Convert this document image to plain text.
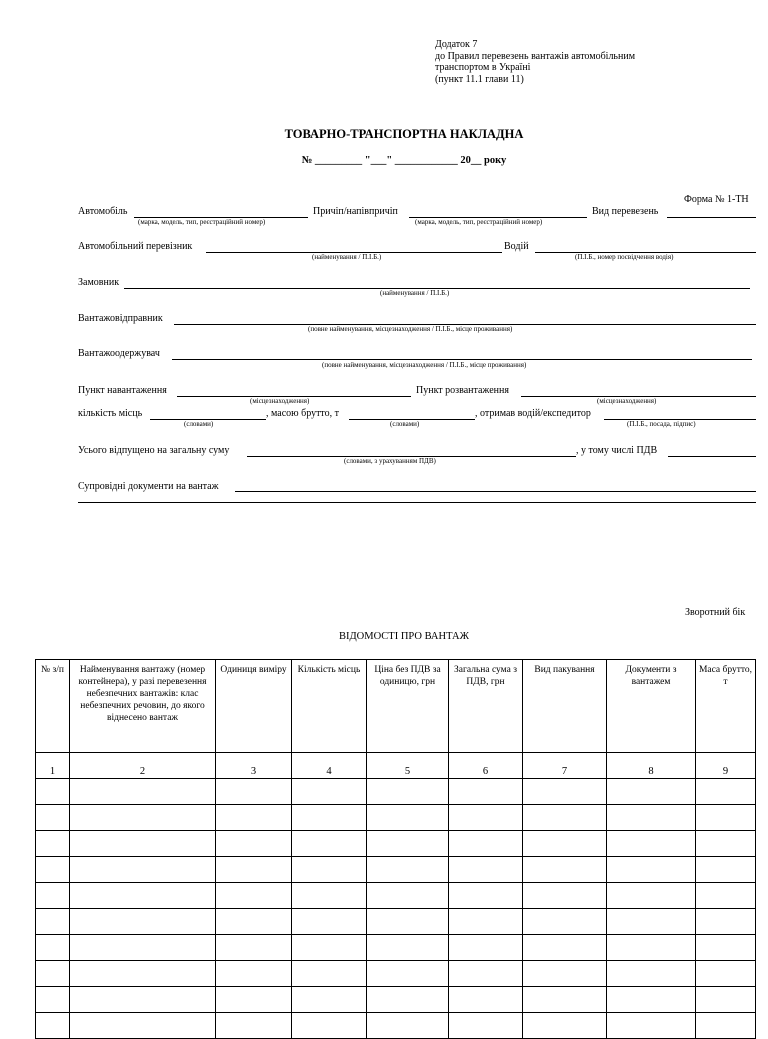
Додаток 7
до Правил перевезень вантажів автомобільним
транспортом в Україні
(пункт 11.1 глави 11)
ТОВАРНО-ТРАНСПОРТНА НАКЛАДНА
№ _________ "___" ____________ 20__ року
Форма № 1-ТН
Автомобіль
(марка, модель, тип, реєстраційний номер)
Причіп/напівпричіп
(марка, модель, тип, реєстраційний номер)
Вид перевезень
Автомобільний перевізник
(найменування / П.І.Б.)
Водій
(П.І.Б., номер посвідчення водія)
Замовник
(найменування / П.І.Б.)
Вантажовідправник
(повне найменування, місцезнаходження / П.І.Б., місце проживання)
Вантажоодержувач
(повне найменування, місцезнаходження / П.І.Б., місце проживання)
Пункт навантаження
(місцезнаходження)
Пункт розвантаження
(місцезнаходження)
кількість місць
(словами)
, масою брутто, т
(словами)
, отримав водій/експедитор
(П.І.Б., посада, підпис)
Усього відпущено на загальну суму
(словами, з урахуванням ПДВ)
, у тому числі ПДВ
Супровідні документи на вантаж
Зворотний бік
ВІДОМОСТІ ПРО ВАНТАЖ
№ з/п	Найменування вантажу (номер контейнера), у разі перевезення небезпечних вантажів: клас небезпечних речовин, до якого віднесено вантаж	Одиниця виміру	Кількість місць	Ціна без ПДВ за одиницю, грн	Загальна сума з ПДВ, грн	Вид пакування	Документи з вантажем	Маса брутто, т
1	2	3	4	5	6	7	8	9
